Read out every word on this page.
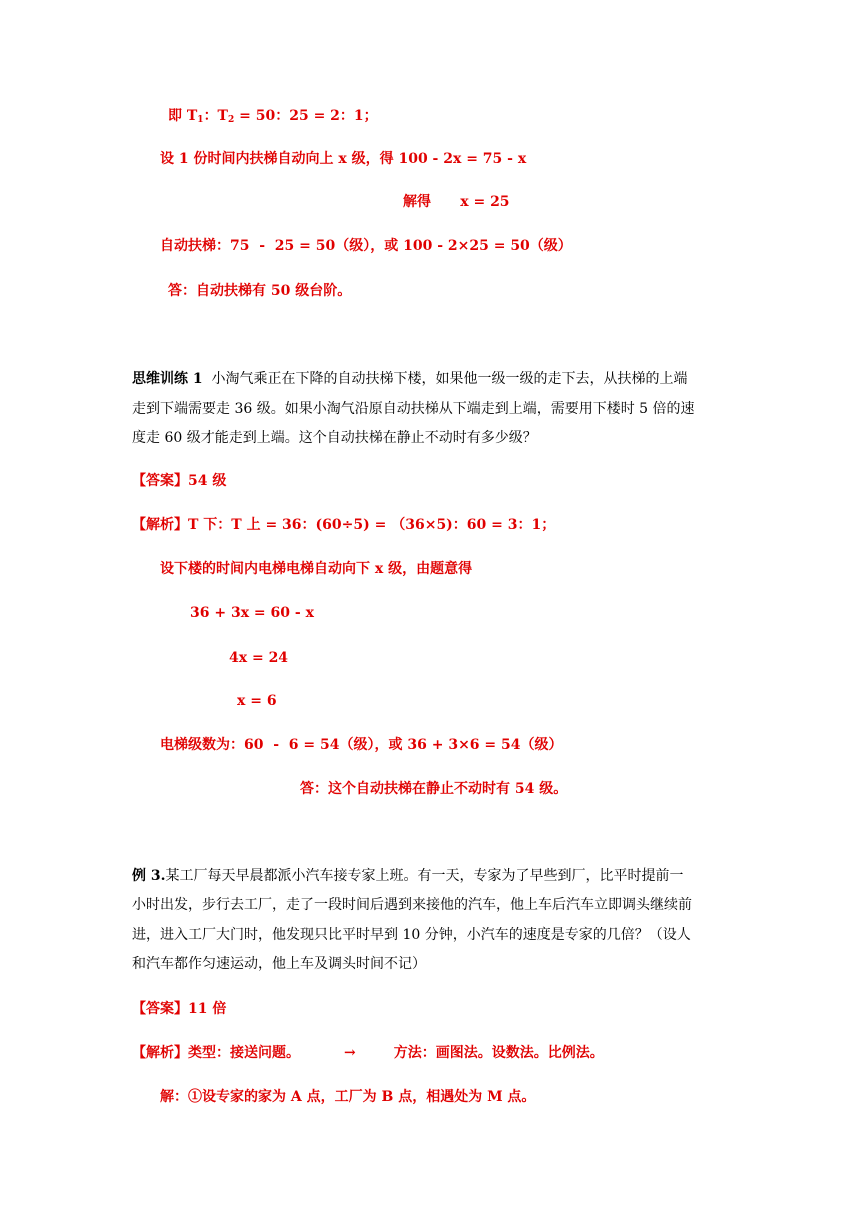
即 $T_1$：$T_2 = 50$：25 = 2：1；
设 1 份时间内扶梯自动向上 x 级，得 100 - 2x = 75 - x
解得      x = 25
自动扶梯：75  -  25 = 50（级），或 100 - 2×25 = 50（级）
答：自动扶梯有 50 级台阶。
思维训练 1  小淘气乘正在下降的自动扶梯下楼，如果他一级一级的走下去，从扶梯的上端
走到下端需要走 36 级。如果小淘气沿原自动扶梯从下端走到上端，需要用下楼时 5 倍的速
度走 60 级才能走到上端。这个自动扶梯在静止不动时有多少级？
【答案】54 级
【解析】T 下：T 上 = 36：(60÷5) = （36×5)：60 = 3：1；
设下楼的时间内电梯电梯自动向下 x 级，由题意得
36 + 3x = 60 - x
4x = 24
x = 6
电梯级数为：60  -  6 = 54（级），或 36 + 3×6 = 54（级）
答：这个自动扶梯在静止不动时有 54 级。
例 3.某工厂每天早晨都派小汽车接专家上班。有一天，专家为了早些到厂，比平时提前一
小时出发，步行去工厂，走了一段时间后遇到来接他的汽车，他上车后汽车立即调头继续前
进，进入工厂大门时，他发现只比平时早到 10 分钟，小汽车的速度是专家的几倍？（设人
和汽车都作匀速运动，他上车及调头时间不记）
【答案】11 倍
【解析】类型：接送问题。	→	方法：画图法。设数法。比例法。
解：①设专家的家为 A 点，工厂为 B 点，相遇处为 M 点。
